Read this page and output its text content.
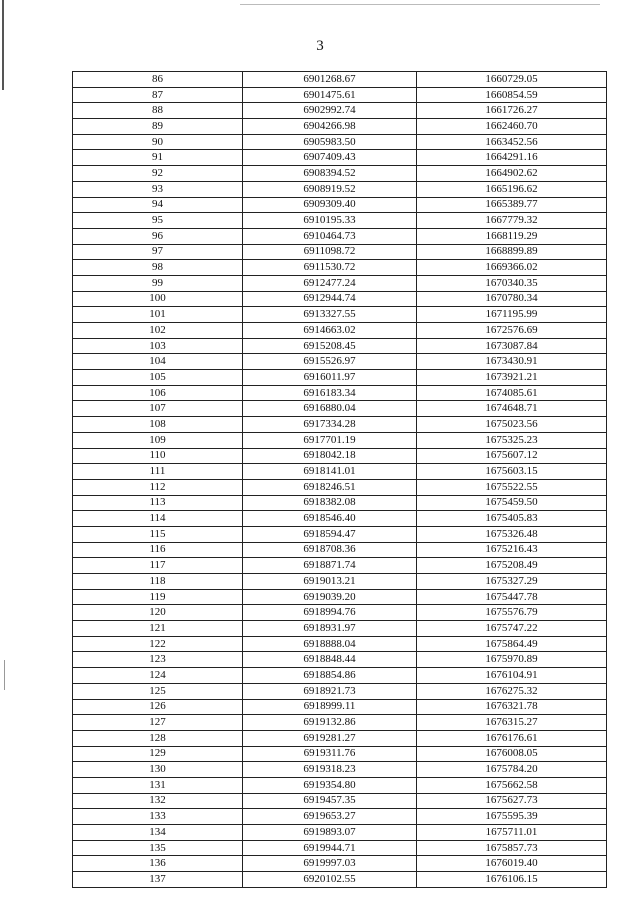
3
86	6901268.67	1660729.05
87	6901475.61	1660854.59
88	6902992.74	1661726.27
89	6904266.98	1662460.70
90	6905983.50	1663452.56
91	6907409.43	1664291.16
92	6908394.52	1664902.62
93	6908919.52	1665196.62
94	6909309.40	1665389.77
95	6910195.33	1667779.32
96	6910464.73	1668119.29
97	6911098.72	1668899.89
98	6911530.72	1669366.02
99	6912477.24	1670340.35
100	6912944.74	1670780.34
101	6913327.55	1671195.99
102	6914663.02	1672576.69
103	6915208.45	1673087.84
104	6915526.97	1673430.91
105	6916011.97	1673921.21
106	6916183.34	1674085.61
107	6916880.04	1674648.71
108	6917334.28	1675023.56
109	6917701.19	1675325.23
110	6918042.18	1675607.12
111	6918141.01	1675603.15
112	6918246.51	1675522.55
113	6918382.08	1675459.50
114	6918546.40	1675405.83
115	6918594.47	1675326.48
116	6918708.36	1675216.43
117	6918871.74	1675208.49
118	6919013.21	1675327.29
119	6919039.20	1675447.78
120	6918994.76	1675576.79
121	6918931.97	1675747.22
122	6918888.04	1675864.49
123	6918848.44	1675970.89
124	6918854.86	1676104.91
125	6918921.73	1676275.32
126	6918999.11	1676321.78
127	6919132.86	1676315.27
128	6919281.27	1676176.61
129	6919311.76	1676008.05
130	6919318.23	1675784.20
131	6919354.80	1675662.58
132	6919457.35	1675627.73
133	6919653.27	1675595.39
134	6919893.07	1675711.01
135	6919944.71	1675857.73
136	6919997.03	1676019.40
137	6920102.55	1676106.15
